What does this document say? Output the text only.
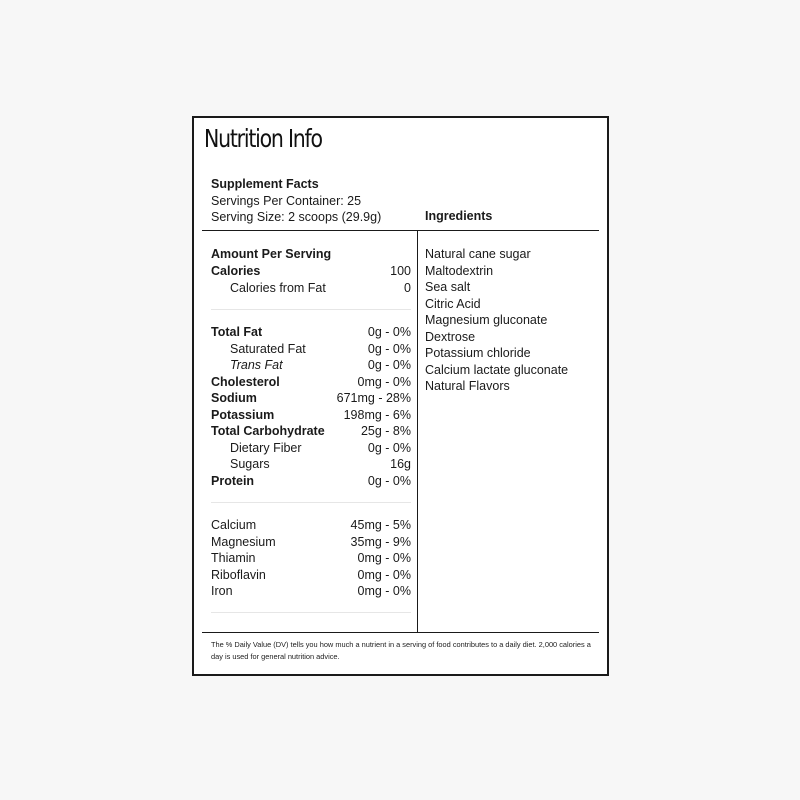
Nutrition Info
Supplement Facts
Servings Per Container: 25
Serving Size: 2 scoops (29.9g)	Ingredients
Amount Per Serving
Calories	100
Calories from Fat	0
Total Fat	0g - 0%
Saturated Fat	0g - 0%
Trans Fat	0g - 0%
Cholesterol	0mg - 0%
Sodium	671mg - 28%
Potassium	198mg - 6%
Total Carbohydrate	25g - 8%
Dietary Fiber	0g - 0%
Sugars	16g
Protein	0g - 0%
Calcium	45mg - 5%
Magnesium	35mg - 9%
Thiamin	0mg - 0%
Riboflavin	0mg - 0%
Iron	0mg - 0%
Natural cane sugar
Maltodextrin
Sea salt
Citric Acid
Magnesium gluconate
Dextrose
Potassium chloride
Calcium lactate gluconate
Natural Flavors
The % Daily Value (DV) tells you how much a nutrient in a serving of food contributes to a daily diet. 2,000 calories a day is used for general nutrition advice.
